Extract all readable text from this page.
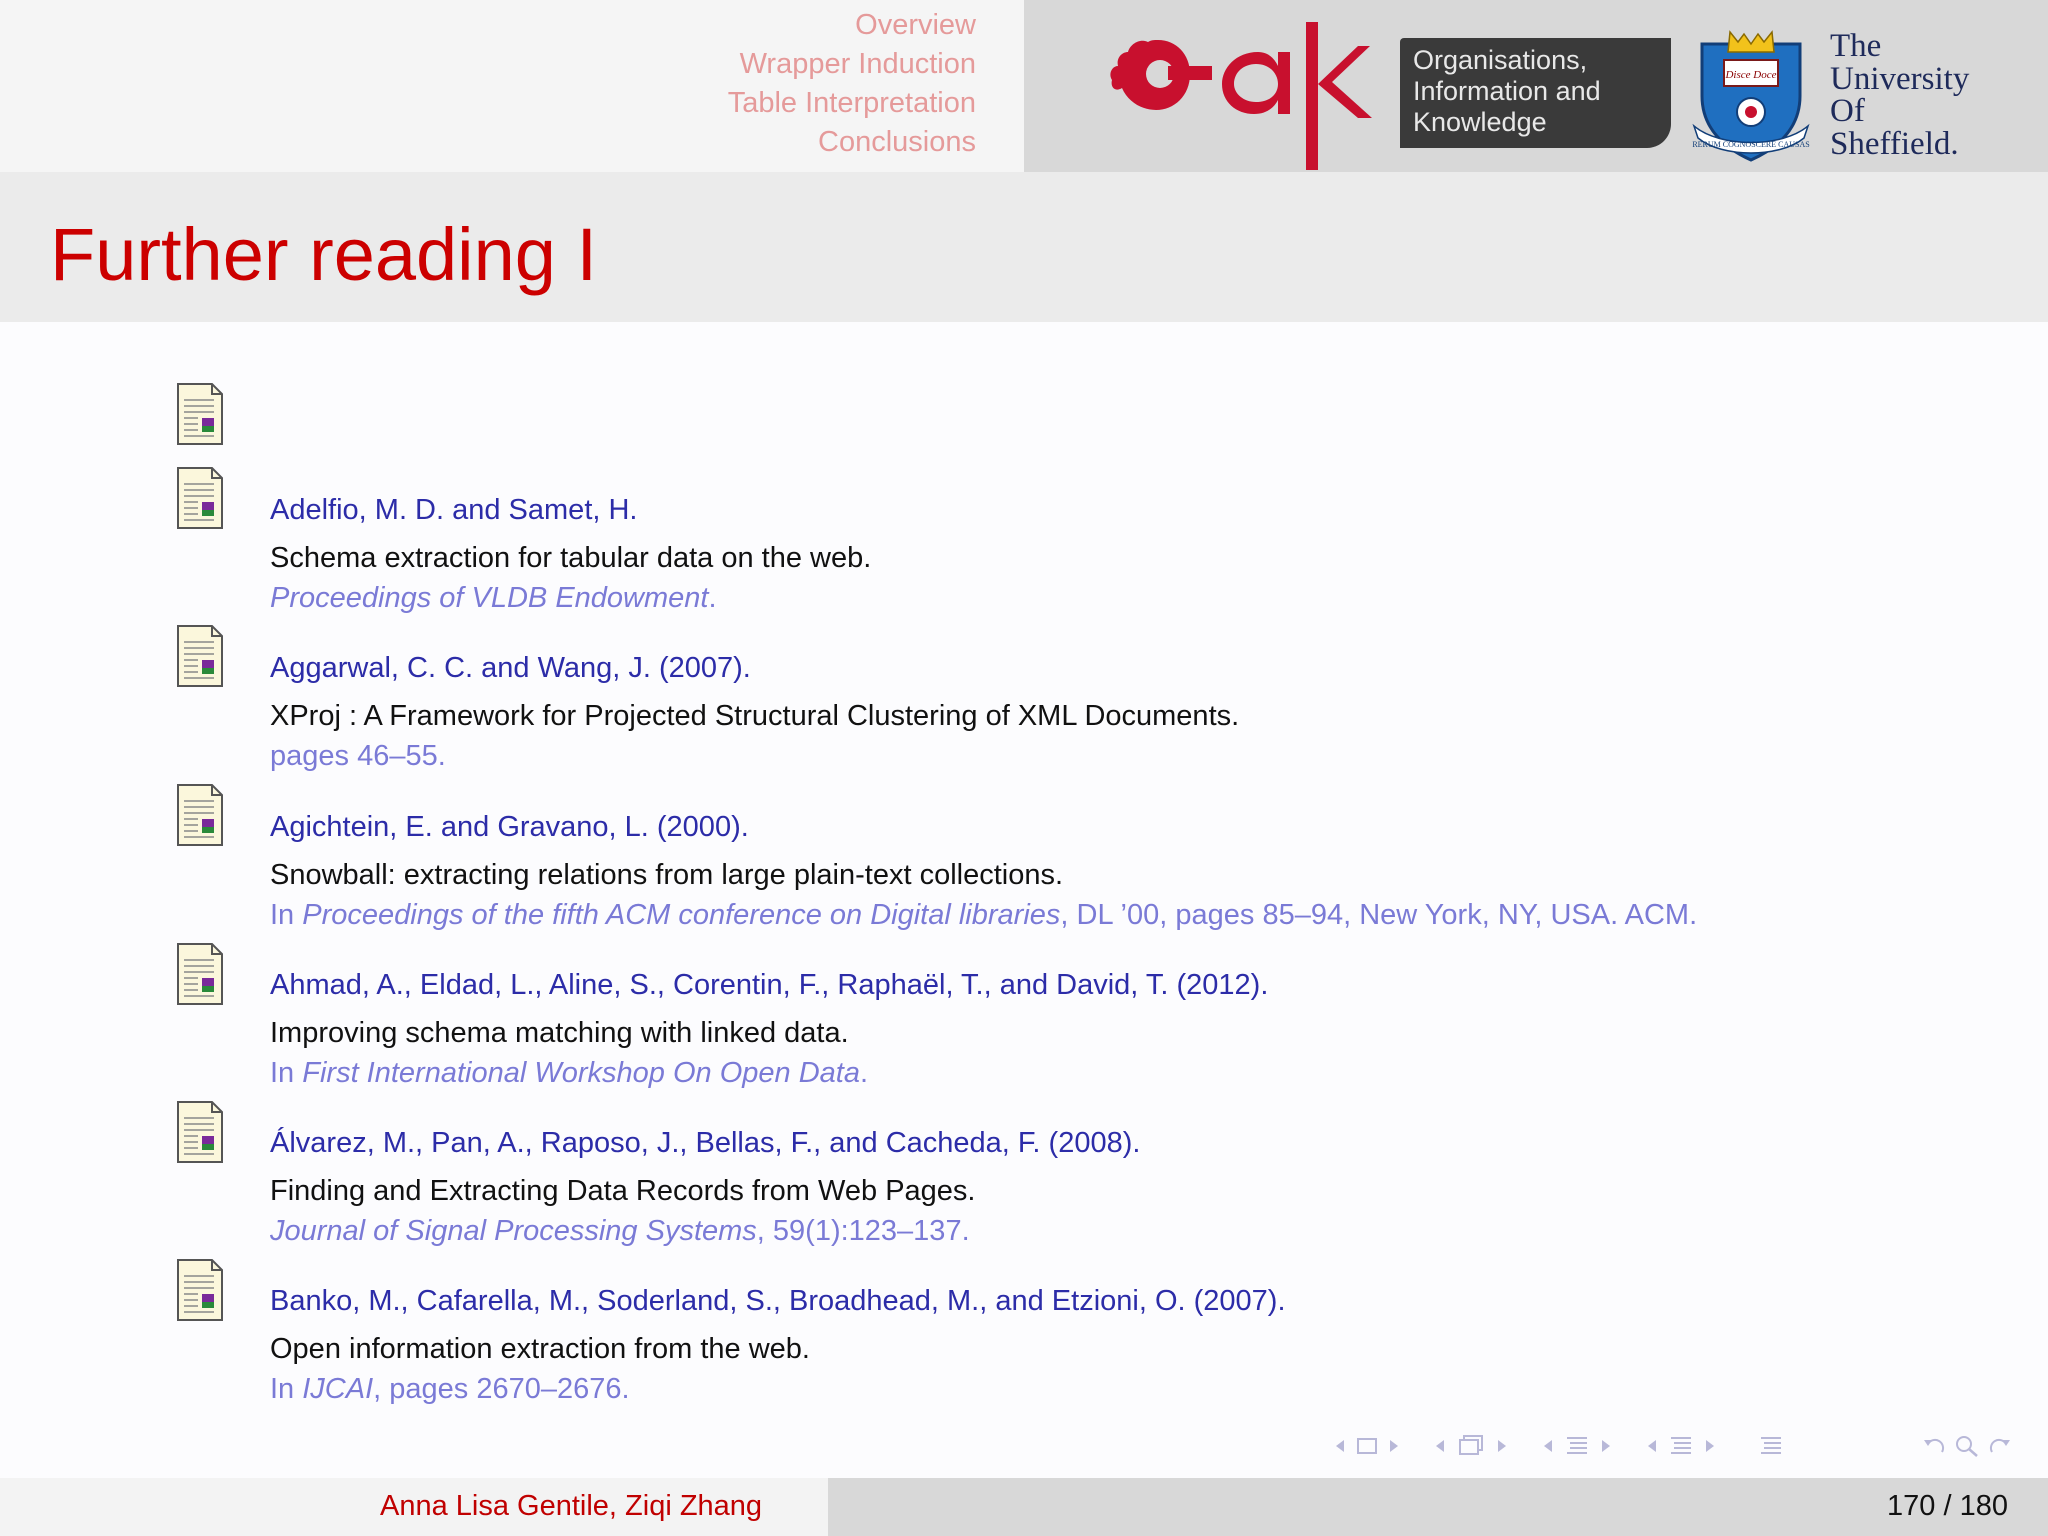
Overview
Wrapper Induction
Table Interpretation
Conclusions
Organisations,
Information and
Knowledge
Disce Doce
RERUM COGNOSCERE CAUSAS
The
University
Of
Sheffield.
Further reading I
Adelfio, M. D. and Samet, H.
Schema extraction for tabular data on the web.
Proceedings of VLDB Endowment.
Aggarwal, C. C. and Wang, J. (2007).
XProj : A Framework for Projected Structural Clustering of XML Documents.
pages 46–55.
Agichtein, E. and Gravano, L. (2000).
Snowball: extracting relations from large plain-text collections.
In Proceedings of the fifth ACM conference on Digital libraries, DL ’00, pages 85–94, New York, NY, USA. ACM.
Ahmad, A., Eldad, L., Aline, S., Corentin, F., Raphaël, T., and David, T. (2012).
Improving schema matching with linked data.
In First International Workshop On Open Data.
Álvarez, M., Pan, A., Raposo, J., Bellas, F., and Cacheda, F. (2008).
Finding and Extracting Data Records from Web Pages.
Journal of Signal Processing Systems, 59(1):123–137.
Banko, M., Cafarella, M., Soderland, S., Broadhead, M., and Etzioni, O. (2007).
Open information extraction from the web.
In IJCAI, pages 2670–2676.
Anna Lisa Gentile, Ziqi Zhang	170 / 180
